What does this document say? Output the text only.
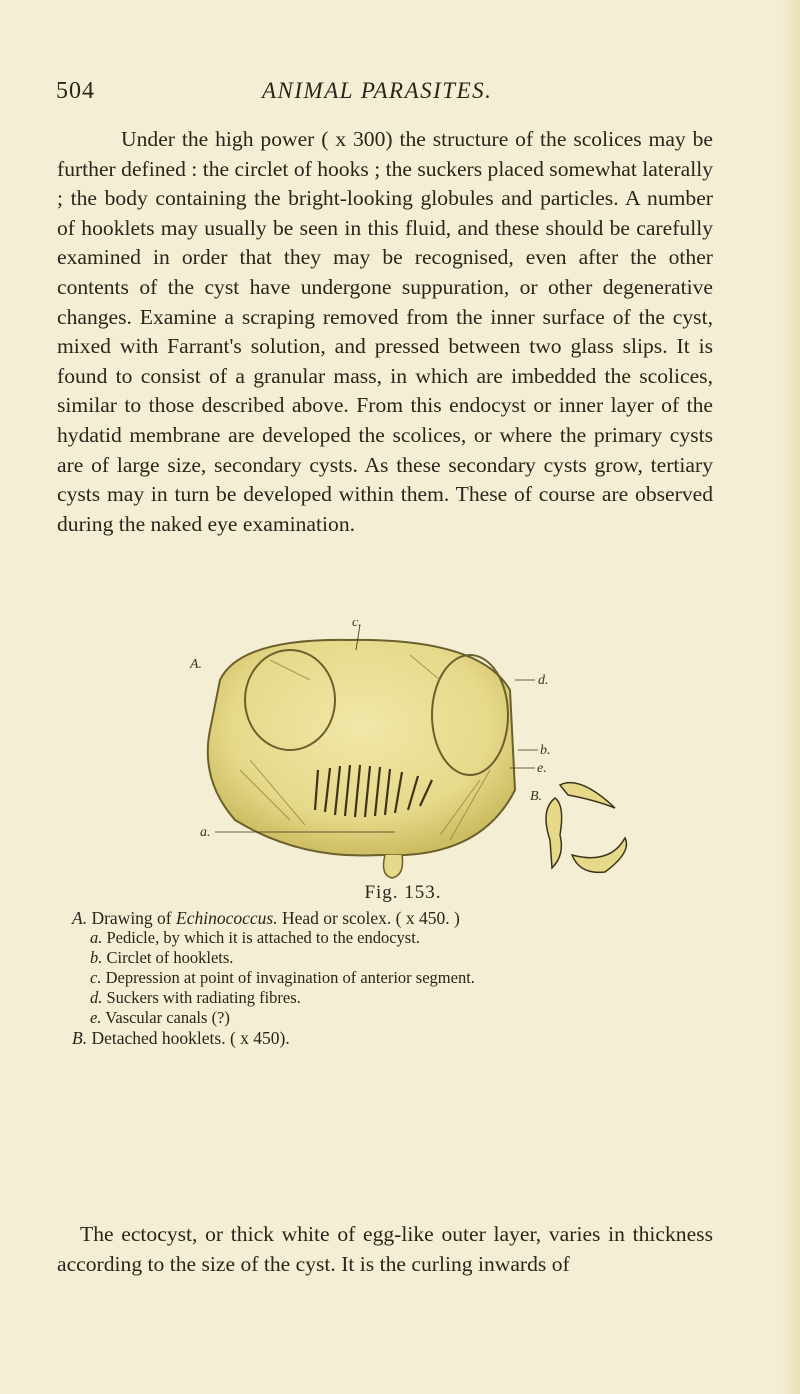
504	ANIMAL PARASITES.

Under the high power ( x 300) the structure of the scolices may be further defined : the circlet of hooks ; the suckers placed somewhat laterally ; the body containing the bright-looking globules and particles. A number of hooklets may usually be seen in this fluid, and these should be carefully examined in order that they may be recognised, even after the other contents of the cyst have undergone suppuration, or other degenerative changes. Examine a scraping removed from the inner surface of the cyst, mixed with Farrant's solution, and pressed between two glass slips. It is found to consist of a granular mass, in which are imbedded the scolices, similar to those described above. From this endocyst or inner layer of the hydatid membrane are developed the scolices, or where the primary cysts are of large size, secondary cysts. As these secondary cysts grow, tertiary cysts may in turn be developed within them. These of course are observed during the naked eye examination.

A.
c.
d.
b.
e.
B.
a.
Fig. 153.
A. Drawing of Echinococcus. Head or scolex. ( x 450. )
a. Pedicle, by which it is attached to the endocyst.
b. Circlet of hooklets.
c. Depression at point of invagination of anterior segment.
d. Suckers with radiating fibres.
e. Vascular canals (?)
B. Detached hooklets. ( x 450).

The ectocyst, or thick white of egg-like outer layer, varies in thickness according to the size of the cyst. It is the curling inwards of
